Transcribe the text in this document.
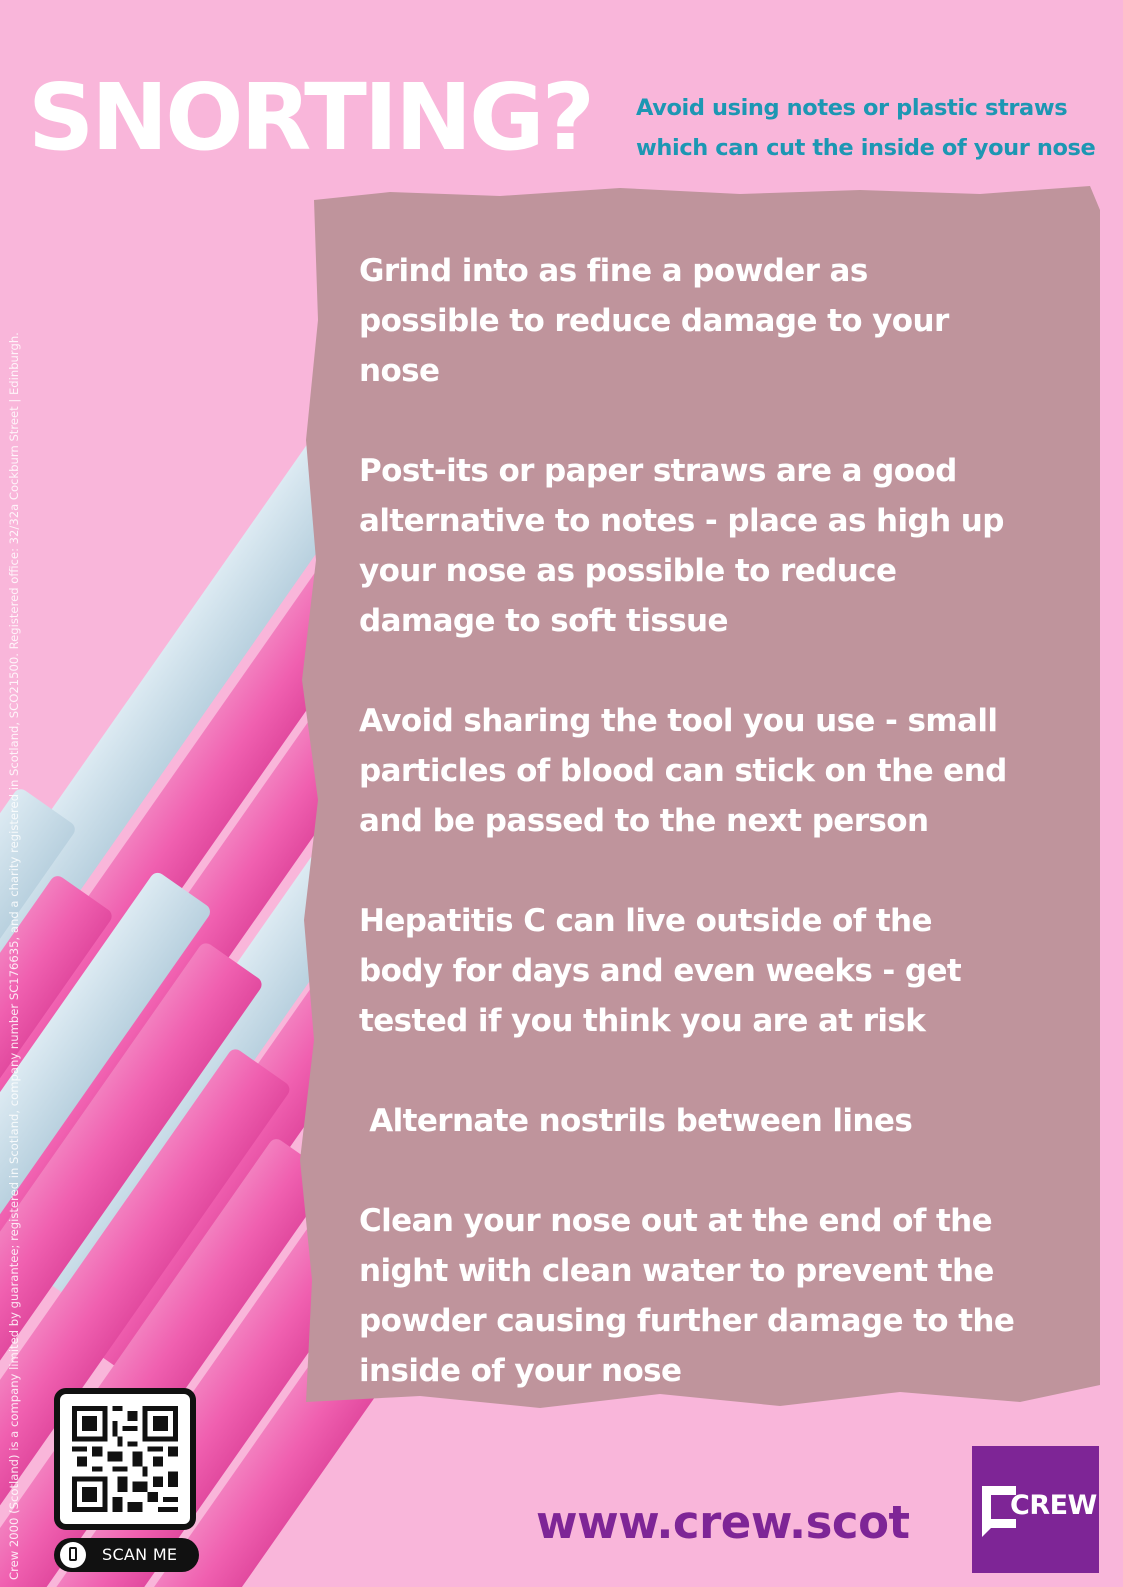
Crew 2000 (Scotland) is a company limited by guarantee; registered in Scotland, company number SC176635, and a charity registered in Scotland, SCO21500. Registered office: 32/32a Cockburn Street | Edinburgh.
SNORTING? Avoid using notes or plastic straws
which can cut the inside of your nose
Grind into as fine a powder as
possible to reduce damage to your
nose
Post-its or paper straws are a good
alternative to notes - place as high up
your nose as possible to reduce
damage to soft tissue
Avoid sharing the tool you use - small
particles of blood can stick on the end
and be passed to the next person
Hepatitis C can live outside of the
body for days and even weeks - get
tested if you think you are at risk
Alternate nostrils between lines
Clean your nose out at the end of the
night with clean water to prevent the
powder causing further damage to the
inside of your nose
SCAN ME
www.crew.scot	CREW
